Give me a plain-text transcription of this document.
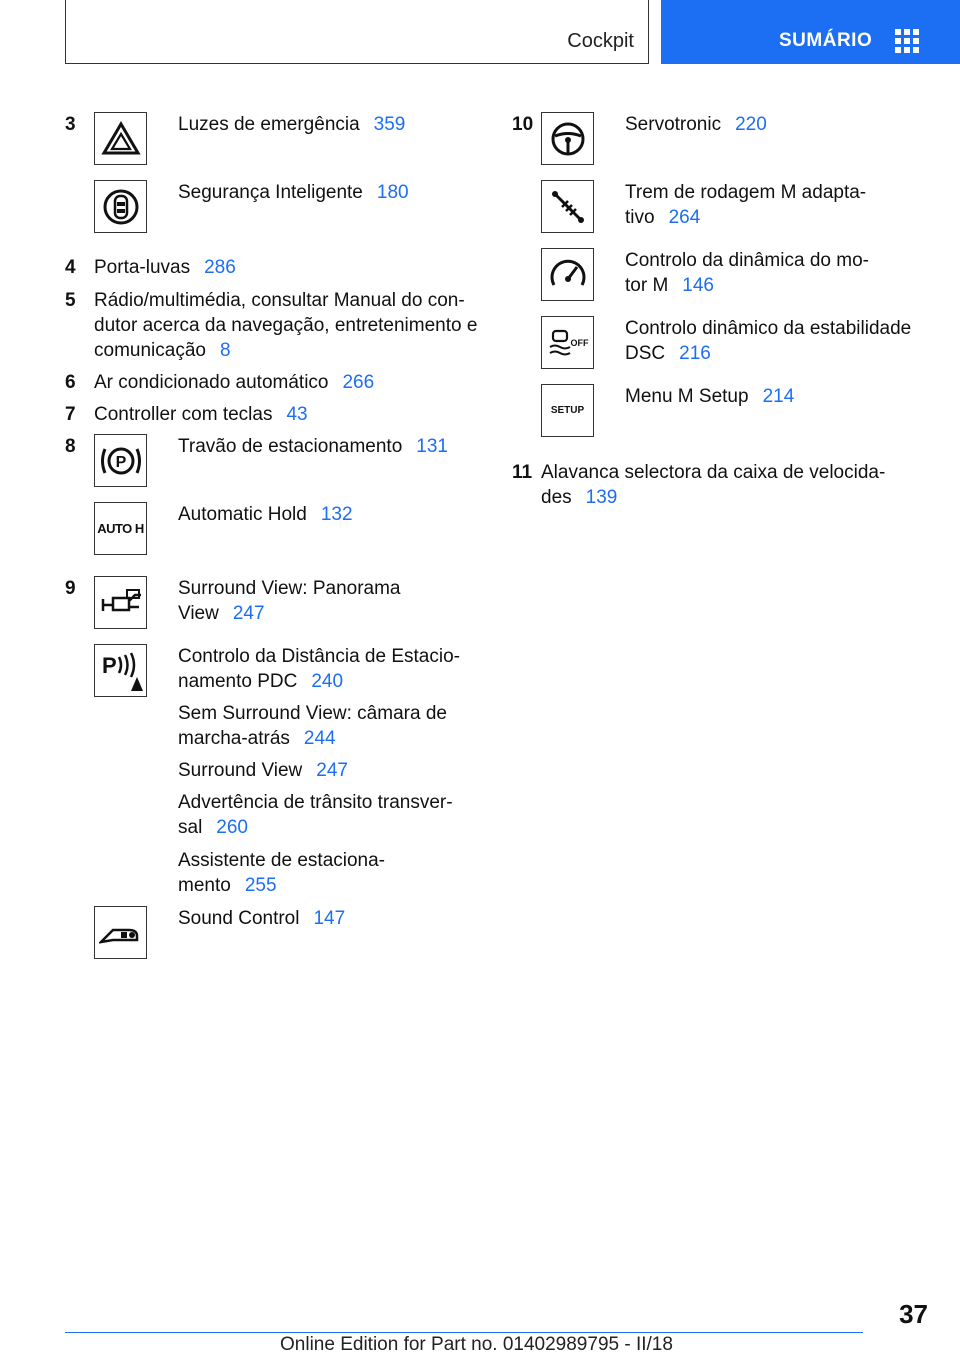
Cockpit	SUMÁRIO
3	Luzes de emergência 359
Segurança Inteligente 180
4 Porta-luvas 286
5 Rádio/multimédia, consultar Manual do con-
dutor acerca da navegação, entretenimento e
comunicação 8
6 Ar condicionado automático 266
7 Controller com teclas 43
8
P
Travão de estacionamento 131
AUTO H
Automatic Hold 132
9	Surround View: Panorama
View 247
P	Controlo da Distância de Estacio-
namento PDC 240
Sem Surround View: câmara de
marcha-atrás 244
Surround View 247
Advertência de trânsito transver-
sal 260
Assistente de estaciona-
mento 255
Sound Control 147
10	Servotronic 220
Trem de rodagem M adapta-
tivo 264
Controlo da dinâmica do mo-
tor M 146
OFF
Controlo dinâmico da estabilidade
DSC 216
SETUP
Menu M Setup 214
11 Alavanca selectora da caixa de velocida-
des 139
37
Online Edition for Part no. 01402989795 - II/18
